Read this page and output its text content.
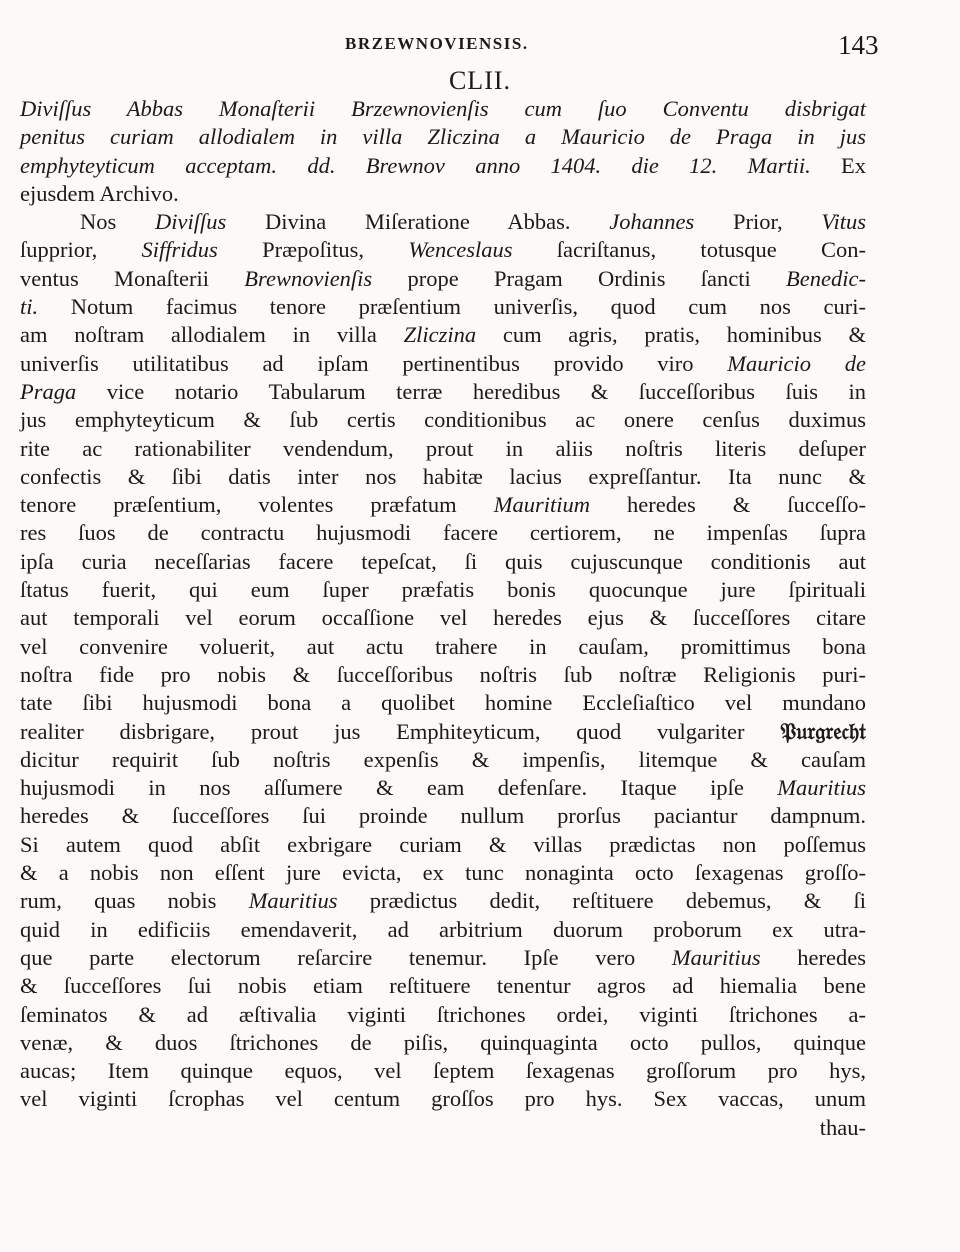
BRZEWNOVIENSIS.	143
CLII.
Diviſſus Abbas Monaſterii Brzewnovienſis cum ſuo Conventu disbrigat
penitus curiam allodialem in villa Zliczina a Mauricio de Praga in jus
emphyteyticum acceptam. dd. Brewnov anno 1404. die 12. Martii. Ex
ejusdem Archivo.
Nos Diviſſus Divina Miſeratione Abbas. Johannes Prior, Vitus
ſupprior, Siffridus Præpoſitus, Wenceslaus ſacriſtanus, totusque Con-
ventus Monaſterii Brewnovienſis prope Pragam Ordinis ſancti Benedic-
ti. Notum facimus tenore præſentium univerſis, quod cum nos curi-
am noſtram allodialem in villa Zliczina cum agris, pratis, hominibus &
univerſis utilitatibus ad ipſam pertinentibus provido viro Mauricio de
Praga vice notario Tabularum terræ heredibus & ſucceſſoribus ſuis in
jus emphyteyticum & ſub certis conditionibus ac onere cenſus duximus
rite ac rationabiliter vendendum, prout in aliis noſtris literis deſuper
confectis & ſibi datis inter nos habitæ lacius expreſſantur. Ita nunc &
tenore præſentium, volentes præfatum Mauritium heredes & ſucceſſo-
res ſuos de contractu hujusmodi facere certiorem, ne impenſas ſupra
ipſa curia neceſſarias facere tepeſcat, ſi quis cujuscunque conditionis aut
ſtatus fuerit, qui eum ſuper præfatis bonis quocunque jure ſpirituali
aut temporali vel eorum occaſſione vel heredes ejus & ſucceſſores citare
vel convenire voluerit, aut actu trahere in cauſam, promittimus bona
noſtra fide pro nobis & ſucceſſoribus noſtris ſub noſtræ Religionis puri-
tate ſibi hujusmodi bona a quolibet homine Eccleſiaſtico vel mundano
realiter disbrigare, prout jus Emphiteyticum, quod vulgariter 𝔓𝔲𝔯𝔤𝔯𝔢𝔠𝔥𝔱
dicitur requirit ſub noſtris expenſis & impenſis, litemque & cauſam
hujusmodi in nos aſſumere & eam defenſare. Itaque ipſe Mauritius
heredes & ſucceſſores ſui proinde nullum prorſus paciantur dampnum.
Si autem quod abſit exbrigare curiam & villas prædictas non poſſemus
& a nobis non eſſent jure evicta, ex tunc nonaginta octo ſexagenas groſſo-
rum, quas nobis Mauritius prædictus dedit, reſtituere debemus, & ſi
quid in edificiis emendaverit, ad arbitrium duorum proborum ex utra-
que parte electorum reſarcire tenemur. Ipſe vero Mauritius heredes
& ſucceſſores ſui nobis etiam reſtituere tenentur agros ad hiemalia bene
ſeminatos & ad æſtivalia viginti ſtrichones ordei, viginti ſtrichones a-
venæ, & duos ſtrichones de piſis, quinquaginta octo pullos, quinque
aucas; Item quinque equos, vel ſeptem ſexagenas groſſorum pro hys,
vel viginti ſcrophas vel centum groſſos pro hys. Sex vaccas, unum
thau-
